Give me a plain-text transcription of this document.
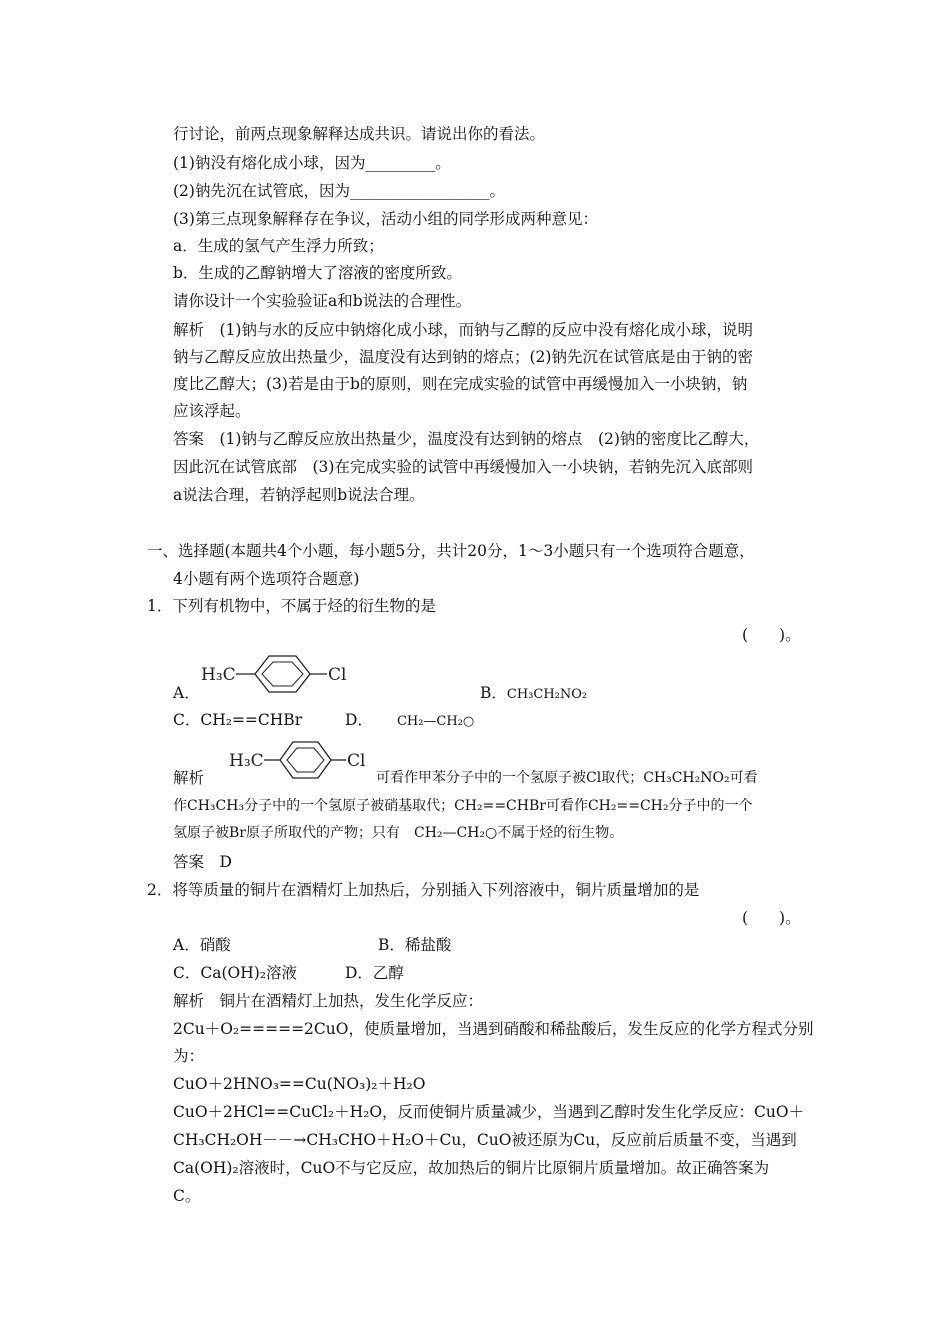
行讨论，前两点现象解释达成共识。请说出你的看法。
(1)钠没有熔化成小球，因为_________。
(2)钠先沉在试管底，因为__________________。
(3)第三点现象解释存在争议，活动小组的同学形成两种意见：
a．生成的氢气产生浮力所致；
b．生成的乙醇钠增大了溶液的密度所致。
请你设计一个实验验证a和b说法的合理性。
解析　(1)钠与水的反应中钠熔化成小球，而钠与乙醇的反应中没有熔化成小球，说明
钠与乙醇反应放出热量少，温度没有达到钠的熔点；(2)钠先沉在试管底是由于钠的密
度比乙醇大；(3)若是由于b的原则，则在完成实验的试管中再缓慢加入一小块钠，钠
应该浮起。
答案　(1)钠与乙醇反应放出热量少，温度没有达到钠的熔点　(2)钠的密度比乙醇大，
因此沉在试管底部　(3)在完成实验的试管中再缓慢加入一小块钠，若钠先沉入底部则
a说法合理，若钠浮起则b说法合理。
一、选择题(本题共4个小题，每小题5分，共计20分，1～3小题只有一个选项符合题意，
4小题有两个选项符合题意)
1．下列有机物中，不属于烃的衍生物的是
(　　)。
A．
H₃C	Cl
B．CH₃CH₂NO₂
C．CH₂==CHBr	D． CH₂—CH₂○
解析
H₃C	Cl
可看作甲苯分子中的一个氢原子被Cl取代；CH₃CH₂NO₂可看
作CH₃CH₃分子中的一个氢原子被硝基取代；CH₂==CHBr可看作CH₂==CH₂分子中的一个
氢原子被Br原子所取代的产物；只有　CH₂—CH₂○不属于烃的衍生物。
答案　D
2．将等质量的铜片在酒精灯上加热后，分别插入下列溶液中，铜片质量增加的是
(　　)。
A．硝酸	B．稀盐酸
C．Ca(OH)₂溶液	D．乙醇
解析　铜片在酒精灯上加热，发生化学反应：
2Cu＋O₂=====2CuO，使质量增加，当遇到硝酸和稀盐酸后，发生反应的化学方程式分别
为：
CuO＋2HNO₃==Cu(NO₃)₂＋H₂O
CuO＋2HCl==CuCl₂＋H₂O，反而使铜片质量减少，当遇到乙醇时发生化学反应：CuO＋
CH₃CH₂OH－－→CH₃CHO＋H₂O＋Cu，CuO被还原为Cu，反应前后质量不变，当遇到
Ca(OH)₂溶液时，CuO不与它反应，故加热后的铜片比原铜片质量增加。故正确答案为
C。
